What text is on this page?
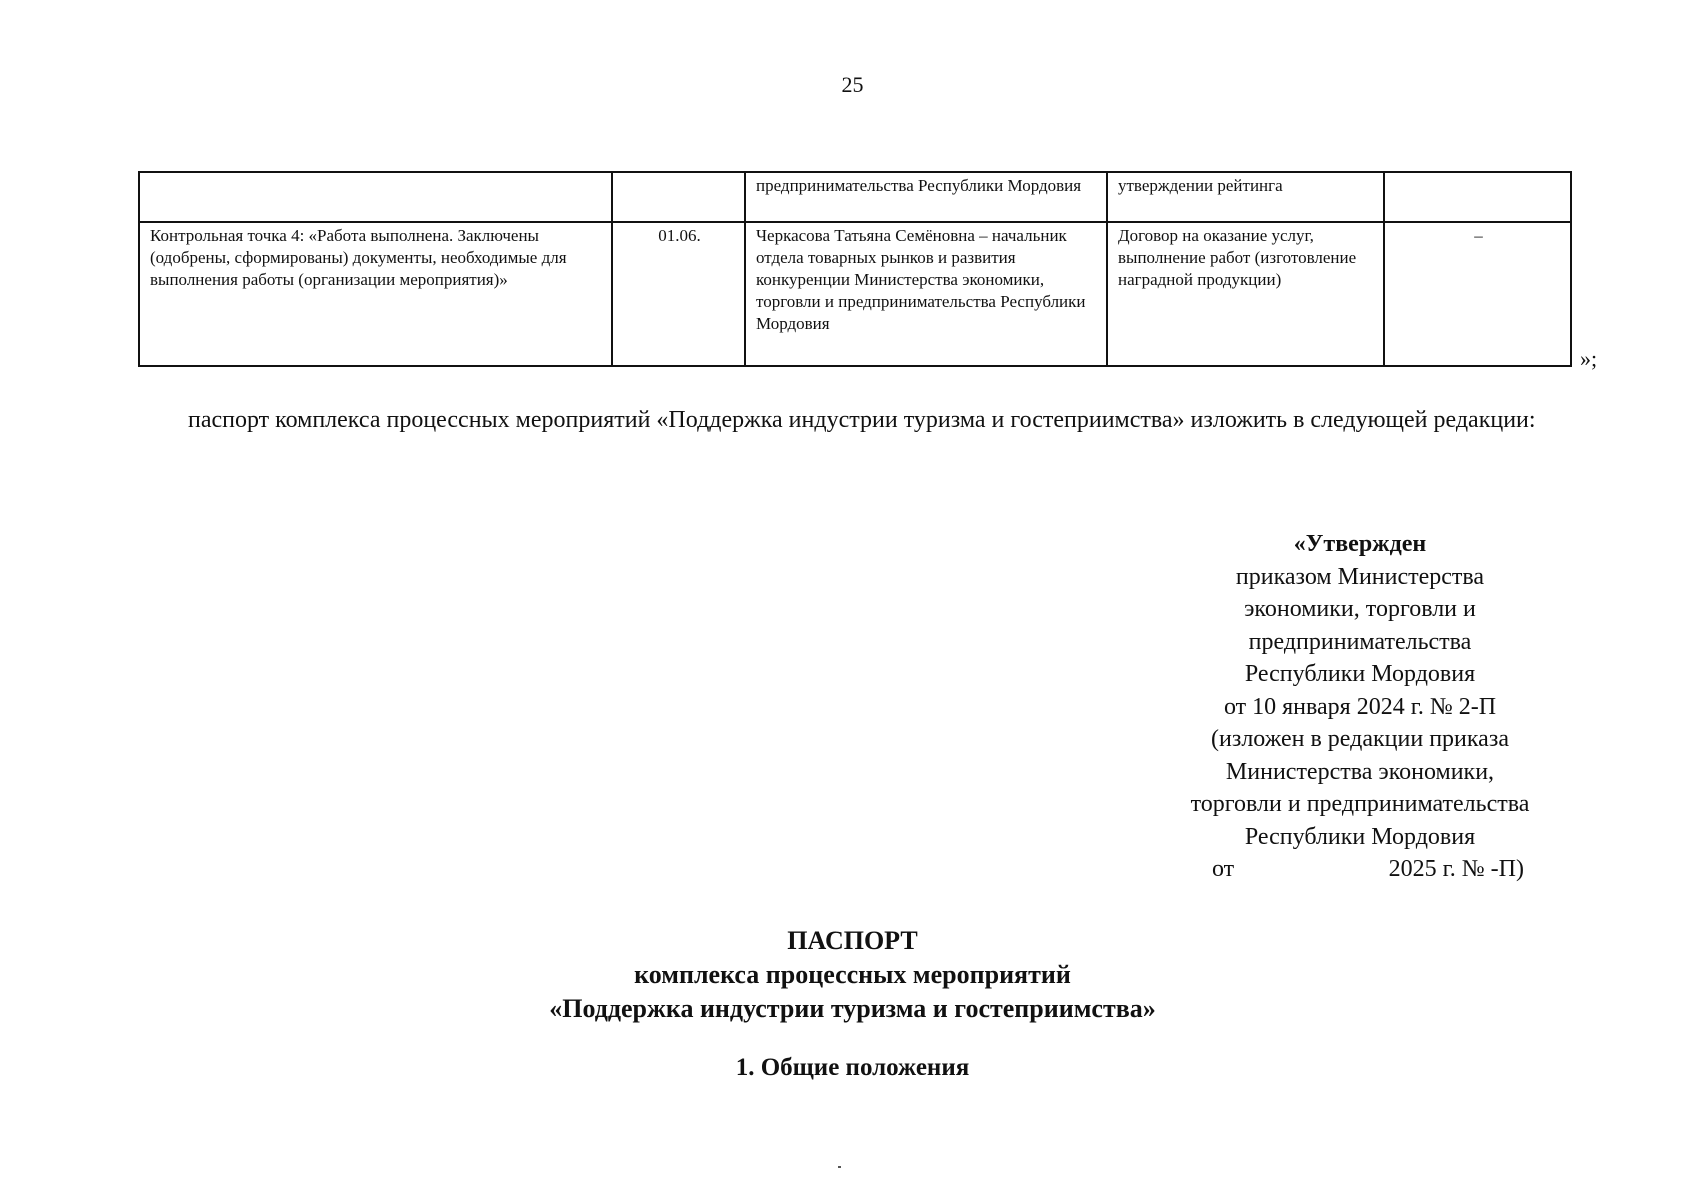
25
		предпринимательства Республики Мордовия	утверждении рейтинга	
Контрольная точка 4: «Работа выполнена. Заключены (одобрены, сформированы) документы, необходимые для выполнения работы (организации мероприятия)»	01.06.	Черкасова Татьяна Семёновна – начальник отдела товарных рынков и развития конкуренции Министерства экономики, торговли и предпринимательства Республики Мордовия	Договор на оказание услуг, выполнение работ (изготовление наградной продукции)	–
»;
паспорт комплекса процессных мероприятий «Поддержка индустрии туризма и гостеприимства» изложить в следующей редакции:
«Утвержден
приказом Министерства
экономики, торговли и
предпринимательства
Республики Мордовия
от 10 января 2024 г. № 2-П
(изложен в редакции приказа
Министерства экономики,
торговли и предпринимательства
Республики Мордовия
от	2025 г. № -П)
ПАСПОРТ
комплекса процессных мероприятий
«Поддержка индустрии туризма и гостеприимства»
1. Общие положения
